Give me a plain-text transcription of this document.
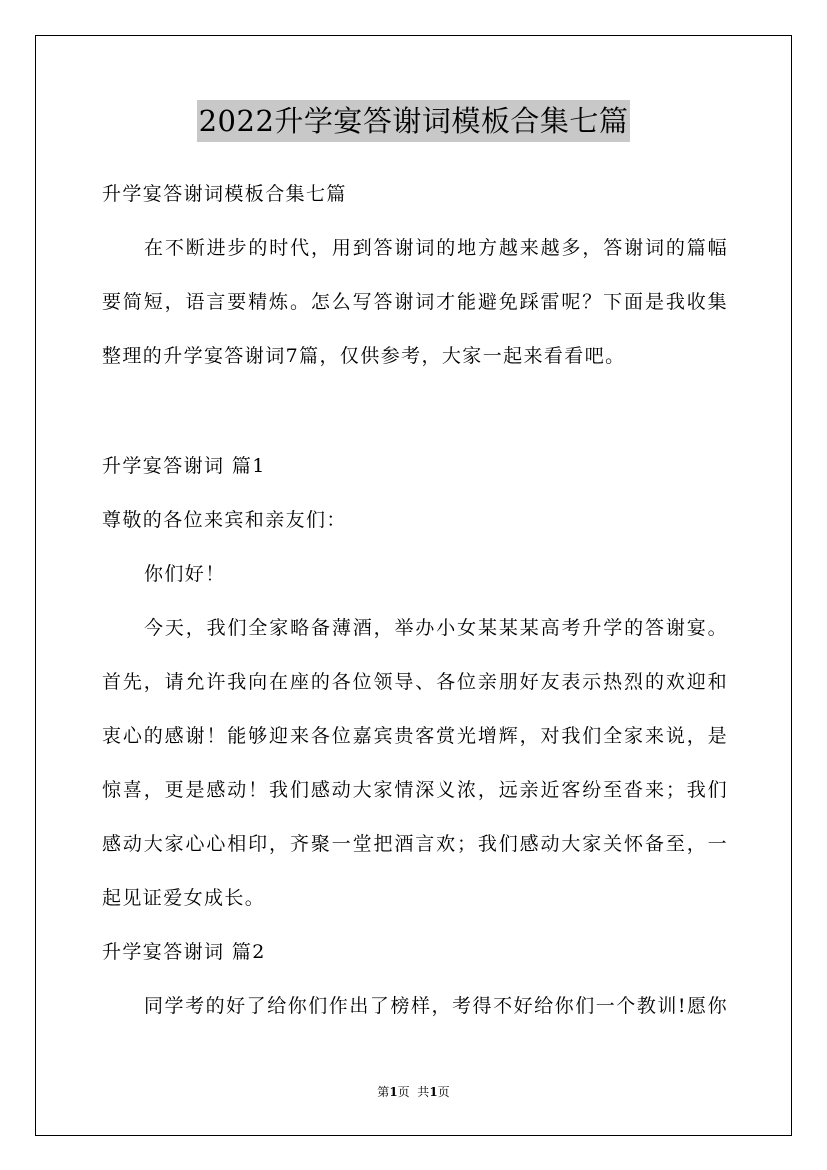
2022升学宴答谢词模板合集七篇
升学宴答谢词模板合集七篇
在不断进步的时代，用到答谢词的地方越来越多，答谢词的篇幅
要简短，语言要精炼。怎么写答谢词才能避免踩雷呢？下面是我收集
整理的升学宴答谢词7篇，仅供参考，大家一起来看看吧。
升学宴答谢词 篇1
尊敬的各位来宾和亲友们：
你们好！
今天，我们全家略备薄酒，举办小女某某某高考升学的答谢宴。
首先，请允许我向在座的各位领导、各位亲朋好友表示热烈的欢迎和
衷心的感谢！能够迎来各位嘉宾贵客赏光增辉，对我们全家来说，是
惊喜，更是感动！我们感动大家情深义浓，远亲近客纷至沓来；我们
感动大家心心相印，齐聚一堂把酒言欢；我们感动大家关怀备至，一
起见证爱女成长。
升学宴答谢词 篇2
同学考的好了给你们作出了榜样，考得不好给你们一个教训!愿你
第1页  共1页
